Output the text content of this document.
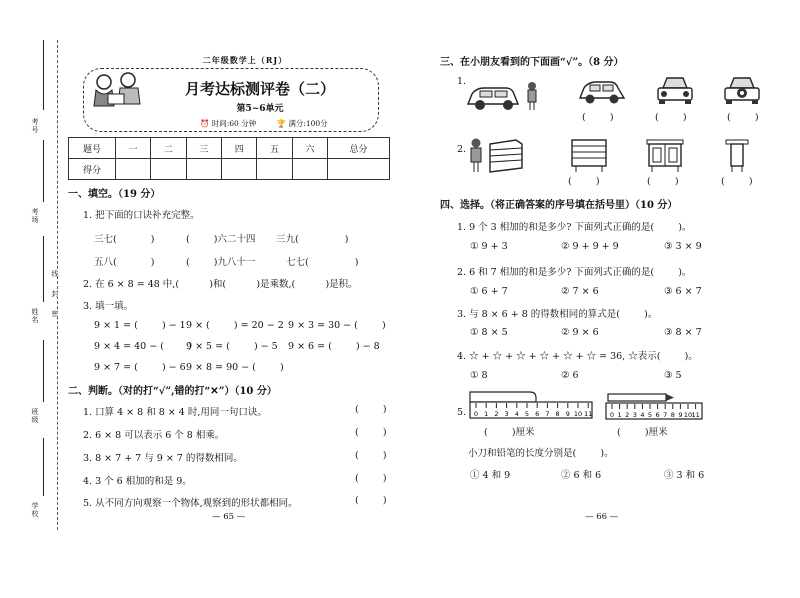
考号
考场
姓名
班级
学校
线
封
密
二年级数学上（RJ）
月考达标测评卷（二）
第5~6单元
⏰ 时间:60 分钟	🏆 满分:100分
题号	一	二	三	四	五	六	总分
得分							
一、填空。（19 分）
1. 把下面的口诀补充完整。
三七(	)	(	)六二十四 三九(	)
五八(	)	(	)九八十一	七七(	)
2. 在 6 × 8 = 48 中,(          )和(          )是乘数,(          )是积。
3. 填一填。
9 × 1 = (        ) − 1 9 × (        ) = 20 − 2 9 × 3 = 30 − (        )
9 × 4 = 40 − (        )
9 × 5 = (        ) − 5 9 × 6 = (        ) − 8
9 × 7 = (        ) − 6 9 × 8 = 90 − (        )
二、判断。（对的打“√”,错的打“✕”）（10 分）
1. 口算 4 × 8 和 8 × 4 时,用同一句口诀。
2. 6 × 8 可以表示 6 个 8 相乘。
3. 8 × 7 + 7 与 9 × 7 的得数相同。
4. 3 个 6 相加的和是 9。
5. 从不同方向观察一个物体,观察到的形状都相同。
(        )
(        )
(        )
(        )
(        )
— 65 —
三、在小朋友看到的下面画“√”。（8 分）
1.
(        )	(        )	(        )
2.
(        )	(        )	(        )
四、选择。（将正确答案的序号填在括号里）（10 分）
1. 9 个 3 相加的和是多少? 下面列式正确的是(        )。
① 9 + 3	② 9 + 9 + 9	③ 3 × 9
2. 6 和 7 相加的和是多少? 下面列式正确的是(        )。
① 6 + 7	② 7 × 6	③ 6 × 7
3. 与 8 × 6 + 8 的得数相同的算式是(        )。
① 8 × 5	② 9 × 6	③ 8 × 7
4. ☆ + ☆ + ☆ + ☆ + ☆ + ☆ = 36, ☆表示(        )。
① 8	② 6	③ 5
5. 0 1 2 3 4 5 6 7 8 9 10 11	0 1 2 3 4 5 6 7 8 9 10 11
(        )厘米	(        )厘米
小刀和铅笔的长度分别是(        )。
① 4 和 9	② 6 和 6	③ 3 和 6
— 66 —
